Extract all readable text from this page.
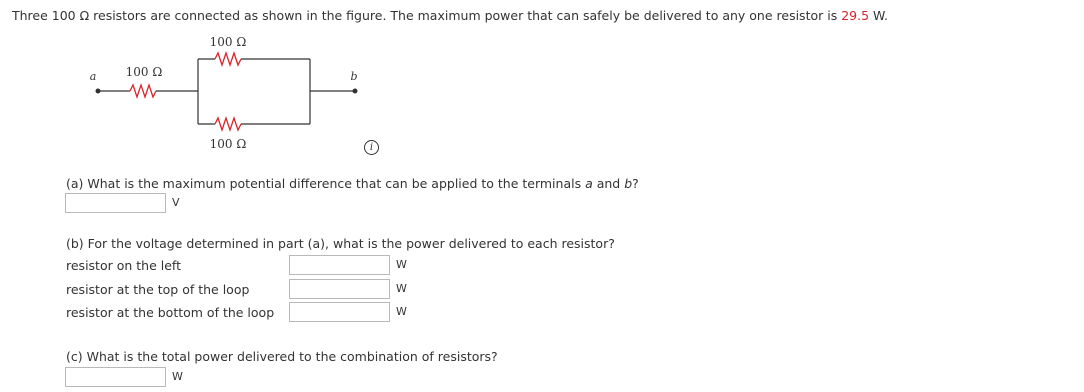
Three 100 Ω resistors are connected as shown in the figure. The maximum power that can safely be delivered to any one resistor is 29.5 W.
100 Ω
100 Ω
100 Ω
a	b
i
(a) What is the maximum potential difference that can be applied to the terminals a and b?
V
(b) For the voltage determined in part (a), what is the power delivered to each resistor?
resistor on the left	W
resistor at the top of the loop	W
resistor at the bottom of the loop	W
(c) What is the total power delivered to the combination of resistors?
W
